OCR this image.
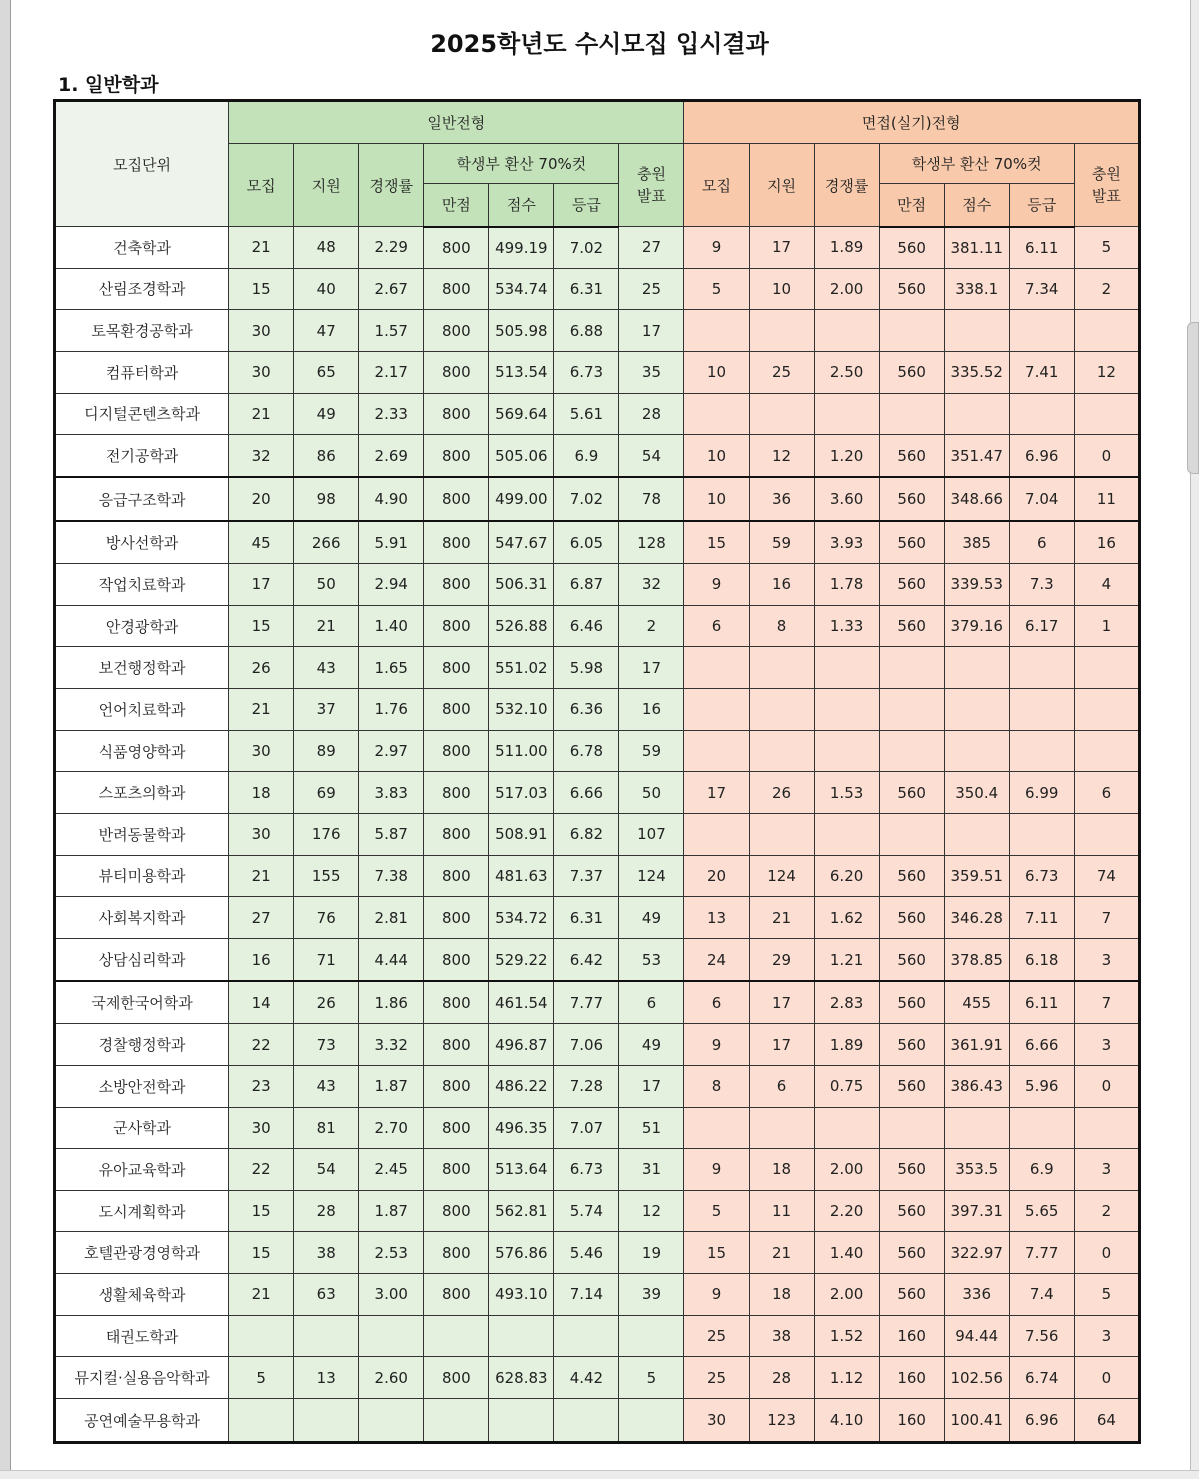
2025학년도 수시모집 입시결과
1. 일반학과
모집단위	일반전형							면접(실기)전형						
	모집	지원	경쟁률	학생부 환산 70%컷			충원발표	모집	지원	경쟁률	학생부 환산 70%컷			충원발표
				만점	점수	등급					만점	점수	등급	
건축학과	21	48	2.29	800	499.19	7.02	27	9	17	1.89	560	381.11	6.11	5
산림조경학과	15	40	2.67	800	534.74	6.31	25	5	10	2.00	560	338.1	7.34	2
토목환경공학과	30	47	1.57	800	505.98	6.88	17							
컴퓨터학과	30	65	2.17	800	513.54	6.73	35	10	25	2.50	560	335.52	7.41	12
디지털콘텐츠학과	21	49	2.33	800	569.64	5.61	28							
전기공학과	32	86	2.69	800	505.06	6.9	54	10	12	1.20	560	351.47	6.96	0
응급구조학과	20	98	4.90	800	499.00	7.02	78	10	36	3.60	560	348.66	7.04	11
방사선학과	45	266	5.91	800	547.67	6.05	128	15	59	3.93	560	385	6	16
작업치료학과	17	50	2.94	800	506.31	6.87	32	9	16	1.78	560	339.53	7.3	4
안경광학과	15	21	1.40	800	526.88	6.46	2	6	8	1.33	560	379.16	6.17	1
보건행정학과	26	43	1.65	800	551.02	5.98	17							
언어치료학과	21	37	1.76	800	532.10	6.36	16							
식품영양학과	30	89	2.97	800	511.00	6.78	59							
스포츠의학과	18	69	3.83	800	517.03	6.66	50	17	26	1.53	560	350.4	6.99	6
반려동물학과	30	176	5.87	800	508.91	6.82	107							
뷰티미용학과	21	155	7.38	800	481.63	7.37	124	20	124	6.20	560	359.51	6.73	74
사회복지학과	27	76	2.81	800	534.72	6.31	49	13	21	1.62	560	346.28	7.11	7
상담심리학과	16	71	4.44	800	529.22	6.42	53	24	29	1.21	560	378.85	6.18	3
국제한국어학과	14	26	1.86	800	461.54	7.77	6	6	17	2.83	560	455	6.11	7
경찰행정학과	22	73	3.32	800	496.87	7.06	49	9	17	1.89	560	361.91	6.66	3
소방안전학과	23	43	1.87	800	486.22	7.28	17	8	6	0.75	560	386.43	5.96	0
군사학과	30	81	2.70	800	496.35	7.07	51							
유아교육학과	22	54	2.45	800	513.64	6.73	31	9	18	2.00	560	353.5	6.9	3
도시계획학과	15	28	1.87	800	562.81	5.74	12	5	11	2.20	560	397.31	5.65	2
호텔관광경영학과	15	38	2.53	800	576.86	5.46	19	15	21	1.40	560	322.97	7.77	0
생활체육학과	21	63	3.00	800	493.10	7.14	39	9	18	2.00	560	336	7.4	5
태권도학과								25	38	1.52	160	94.44	7.56	3
뮤지컬·실용음악학과	5	13	2.60	800	628.83	4.42	5	25	28	1.12	160	102.56	6.74	0
공연예술무용학과								30	123	4.10	160	100.41	6.96	64
